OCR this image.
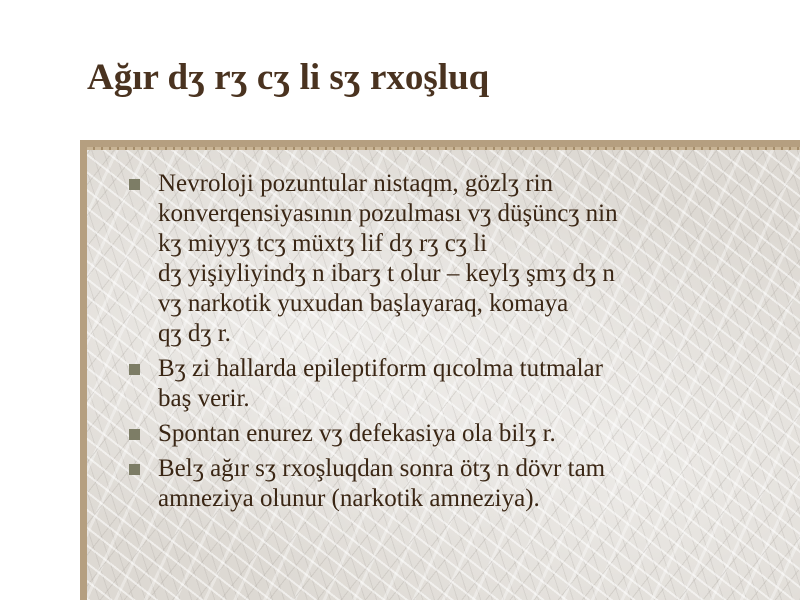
Ağır dʒ rʒ cʒ li sʒ rxoşluq
Nevroloji pozuntular nistaqm, gözlʒ rin
konverqensiyasının pozulması vʒ düşüncʒ nin
kʒ miyyʒ tcʒ müxtʒ lif dʒ rʒ cʒ li
dʒ yişiyliyindʒ n ibarʒ t olur – keylʒ şmʒ dʒ n
vʒ narkotik yuxudan başlayaraq, komaya
qʒ dʒ r.
Bʒ zi hallarda epileptiform qıcolma tutmalar
baş verir.
Spontan enurez vʒ defekasiya ola bilʒ r.
Belʒ ağır sʒ rxoşluqdan sonra ötʒ n dövr tam
amneziya olunur (narkotik amneziya).
